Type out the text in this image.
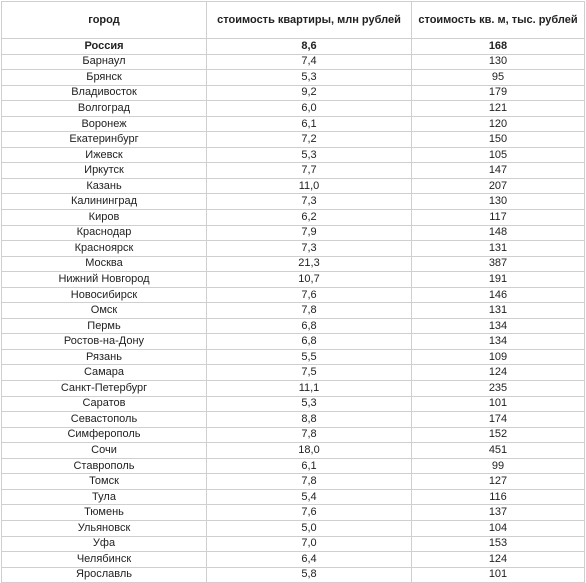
город	стоимость квартиры, млн рублей	стоимость кв. м, тыс. рублей
Россия	8,6	168
Барнаул	7,4	130
Брянск	5,3	95
Владивосток	9,2	179
Волгоград	6,0	121
Воронеж	6,1	120
Екатеринбург	7,2	150
Ижевск	5,3	105
Иркутск	7,7	147
Казань	11,0	207
Калининград	7,3	130
Киров	6,2	117
Краснодар	7,9	148
Красноярск	7,3	131
Москва	21,3	387
Нижний Новгород	10,7	191
Новосибирск	7,6	146
Омск	7,8	131
Пермь	6,8	134
Ростов-на-Дону	6,8	134
Рязань	5,5	109
Самара	7,5	124
Санкт-Петербург	11,1	235
Саратов	5,3	101
Севастополь	8,8	174
Симферополь	7,8	152
Сочи	18,0	451
Ставрополь	6,1	99
Томск	7,8	127
Тула	5,4	116
Тюмень	7,6	137
Ульяновск	5,0	104
Уфа	7,0	153
Челябинск	6,4	124
Ярославль	5,8	101
